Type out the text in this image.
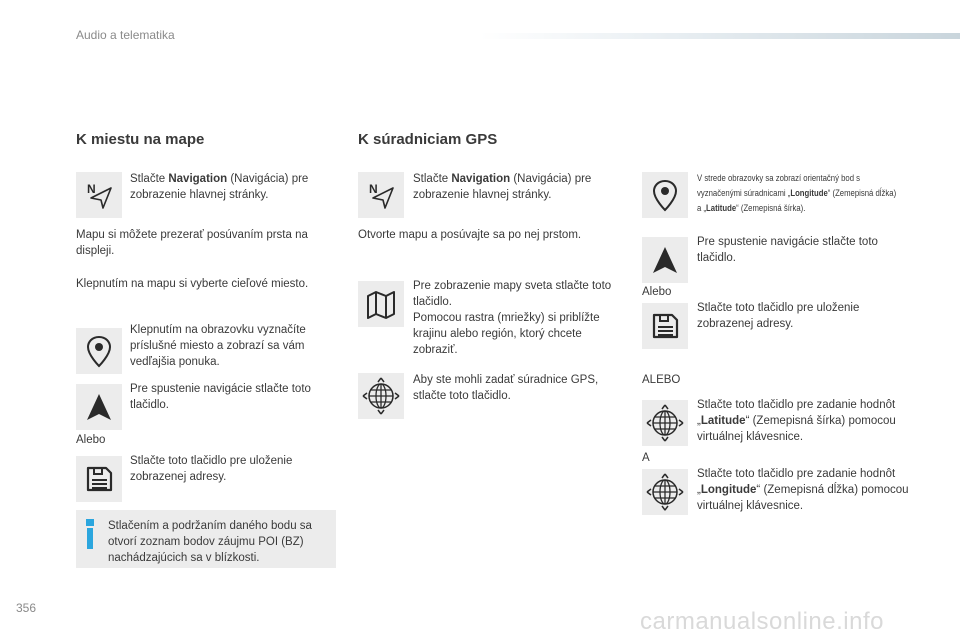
Audio a telematika
K miestu na mape
N
Stlačte Navigation (Navigácia) pre zobrazenie hlavnej stránky.
Mapu si môžete prezerať posúvaním prsta na displeji.
Klepnutím na mapu si vyberte cieľové miesto.
Klepnutím na obrazovku vyznačíte príslušné miesto a zobrazí sa vám vedľajšia ponuka.
Pre spustenie navigácie stlačte toto tlačidlo.
Alebo
Stlačte toto tlačidlo pre uloženie zobrazenej adresy.
Stlačením a podržaním daného bodu sa otvorí zoznam bodov záujmu POI (BZ) nachádzajúcich sa v blízkosti.
K súradniciam GPS
N
Stlačte Navigation (Navigácia) pre zobrazenie hlavnej stránky.
Otvorte mapu a posúvajte sa po nej prstom.
Pre zobrazenie mapy sveta stlačte toto tlačidlo.
Pomocou rastra (mriežky) si priblížte krajinu alebo región, ktorý chcete zobraziť.
Aby ste mohli zadať súradnice GPS, stlačte toto tlačidlo.
V strede obrazovky sa zobrazí orientačný bod s vyznačenými súradnicami „Longitude“ (Zemepisná dĺžka) a „Latitude“ (Zemepisná šírka).
Pre spustenie navigácie stlačte toto tlačidlo.
Alebo
Stlačte toto tlačidlo pre uloženie zobrazenej adresy.
ALEBO
Stlačte toto tlačidlo pre zadanie hodnôt „Latitude“ (Zemepisná šírka) pomocou virtuálnej klávesnice.
A
Stlačte toto tlačidlo pre zadanie hodnôt „Longitude“ (Zemepisná dĺžka) pomocou virtuálnej klávesnice.
356	carmanualsonline.info
